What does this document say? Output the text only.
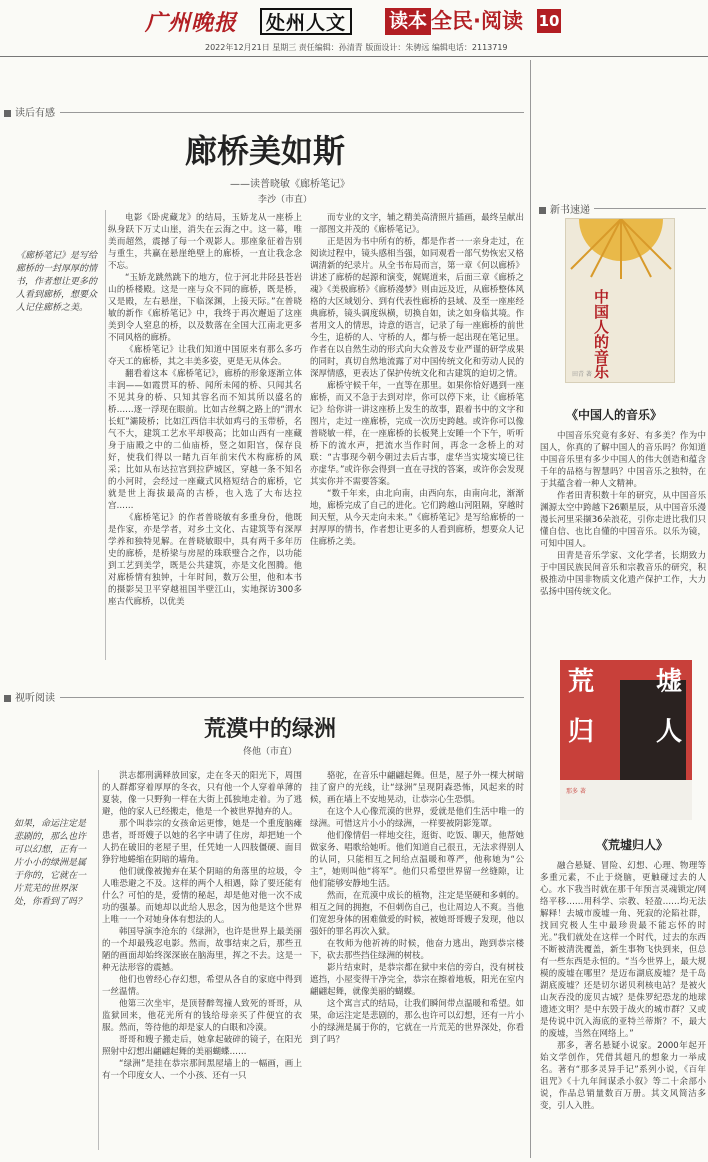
广州晚报	处州人文	读本 全民·阅读 10
2022年12月21日 星期三 责任编辑：孙清青 版面设计：朱骋远 编辑电话：2113719
读后有感
视听阅读
新书速递
廊桥美如斯
——读普晓敏《廊桥笔记》
李沙（市直）
《廊桥笔记》是写给廊桥的一封厚厚的情书，作者想让更多的人看到廊桥，想要众人记住廊桥之美。

电影《卧虎藏龙》的结局，玉娇龙从一座桥上纵身跃下万丈山崖，消失在云海之中。这一幕，唯美而超然，震撼了每一个观影人。那座象征着告别与重生，共赢在悬崖绝壁上的廊桥，一直让我念念不忘。

“玉娇龙跳然跳下的地方，位于河北井陉县苍岩山的桥楼殿。这是一座与众不同的廊桥，既是桥，又是殿，左右悬崖，下临深渊，上接天际。”在普晓敏的新作《廊桥笔记》中，我终于再次邂逅了这座美到令人窒息的桥，以及数落在全国大江南北更多不同风格的廊桥。

《廊桥笔记》让我们知道中国原来有那么多巧夺天工的廊桥，其之丰美多姿，更是无从体会。

翻看着这本《廊桥笔记》，廊桥的形象逐渐立体丰润——如霞贯耳的桥、闻所未闻的桥、只闻其名不见其身的桥、只知其容名而不知其所以盛名的桥……逐一浮现在眼前。比如古丝绸之路上的“渭水长虹”灞陵桥；比如江西信丰状如鸡弓的玉带桥，名气不大，建筑工艺水平却极高；比如山西有一座藏身于庙殿之中的二仙庙桥，竖之如阳宫，保存良好，使我们得以一睹九百年前宋代木构廊桥的风采；比如从布达拉宫到拉萨城区，穿越一条不知名的小河时，会经过一座藏式风格短结合的廊桥，它就是世上海拔最高的古桥，也入选了大布达拉宫……

《廊桥笔记》的作者普晓敏有多重身份，他既是作家，亦是学者，对乡土文化、古建筑等有深厚学养和独特见解。在普晓敏眼中，具有两千多年历史的廊桥，是桥梁与房屋的珠联璧合之作，以功能到工艺到美学，既是公共建筑，亦是文化图腾。他对廊桥情有独钟，十年时间，数万公里，他和本书的摄影吴卫平穿越祖国半壁江山，实地探访300多座古代廊桥，以优美

而专业的文字，辅之精美高清照片插画，最终呈献出一部图文并茂的《廊桥笔记》。

正是因为书中所有的桥，都是作者一一亲身走过，在阅读过程中，镜头感相当强，如同观看一部气势恢宏又格调清新的纪录片。从全书布局而言，第一章《何以廊桥》讲述了廊桥的起源和演变，娓娓道来，后面三章《廊桥之魂》《美极廊桥》《廊桥漫梦》则由远及近，从廊桥整体风格的大区域划分、到有代表性廊桥的县域、及至一座座经典廊桥，镜头调度纵横，切换自如，读之如身临其境。作者用文人的情思，诗意的语言，记录了每一座廊桥的前世今生，追桥的人、守桥的人，都与桥一起出现在笔记里。作者在以自然生动的形式向大众普及专业严谨的研学成果的同时，真切自然地流露了对中国传统文化和劳动人民的深厚情感，更表达了保护传统文化和古建筑的迫切之情。

廊桥守候千年，一直等在那里。如果你恰好遇到一座廊桥，而又不急于去到对岸，你可以停下来，让《廊桥笔记》给你讲一讲这座桥上发生的故事，跟着书中的文字和图片，走过一座廊桥，完成一次历史跨越。或许你可以像普晓敏一样，在一座廊桥的长板凳上安睡一个下午，听听桥下的流水声，把流水当作时间，再念一念桥上的对联：“古事现今朝今朝过去后古事，虚华当实境实境已往亦虚华。”或许你会得到一直在寻找的答案，或许你会发现其实你并不需要答案。

“数千年来，由北向南，由西向东，由南向北，渐渐地，廊桥完成了自己的进化。它们跨越山河阻隔，穿越时间天堑，从今天走向未来。”《廊桥笔记》是写给廊桥的一封厚厚的情书，作者想让更多的人看到廊桥，想要众人记住廊桥之美。

荒漠中的绿洲
佟他（市直）
如果，命运注定是悲剧的，那么也许可以幻想，正有一片小小的绿洲是属于你的，它就在一片荒芜的世界深处，你看到了吗？

洪志都刑满释放回家，走在冬天的阳光下，周围的人群都穿着厚厚的冬衣，只有他一个人穿着单薄的夏装，像一只野狗一样在大街上孤独地走着。为了逃避，他的家人已经搬走，他是一个被世界抛弃的人。

那个叫恭宗的女孩命运更惨，她是一个重度脑瘫患者，哥哥嫂子以她的名字申请了住房，却把她一个人扔在破旧的老屋子里，任凭她一人四肢僵硬、面目狰狞地蜷缩在阴暗的墙角。

他们就像被抛弃在某个阴暗的角落里的垃圾，令人唯恐避之不及。这样的两个人相遇，除了要还能有什么？可怕的是，爱情的秘起，却是他对他一次不成功的强暴。而她却以此给人思念，因为他是这个世界上唯一一个对她身体有想法的人。

韩国导演李沧东的《绿洲》，也许是世界上最美丽的一个却最残忍电影。然而，故事结束之后，那些丑陋的画面却始终深深嵌在脑海里，挥之不去。这是一种无法形容的震撼。

他们也曾经心存幻想，希望从各自的家庭中得到一丝温情。

他第三次坐牢，是顶替醉驾撞人致死的哥哥，从监狱回来，他花光所有的钱给母亲买了件便宜的衣服。然而，等待他的却是家人的白眼和冷漠。

哥哥和嫂子搬走后，她拿起破碎的镜子，在阳光照射中幻想出翩翩起舞的美丽蝴蝶……

“绿洲”是挂在恭宗那间黑屋墙上的一幅画，画上有一个印度女人、一个小孩、还有一只

骆驼，在音乐中翩翩起舞。但是，屋子外一棵大树暗挂了窗户的光线，让“绿洲”呈现阴森恐怖，风起来的时候，画在墙上不安地晃动，让恭宗心生恐惧。

在这个人心像荒漠的世界，爱就是他们生活中唯一的绿洲。可惜这片小小的绿洲，一样要被阴影笼罩。

他们像情侣一样地交往，逛街、吃饭、聊天，他帮她做家务、唱歌给她听。他们知道自己很丑，无法求得别人的认同，只能相互之间给点温暖和尊严，他称她为“公主”，她则叫他“将军”。他们只希望世界留一丝缝隙，让他们能够安静地生活。

然而，在荒漠中成长的植物，注定是坚硬和多刺的。相互之间的拥抱，不但刺伤自己，也让周边人不爽。当他们宽恕身体的困难做爱的时候，被她哥哥嫂子发现，他以强奸的罪名再次入狱。

在牧师为他祈祷的时候，他奋力逃出，跑到恭宗楼下，砍去那些挡住绿洲的树枝。

影片结束时，是恭宗都在狱中来信的旁白，没有树枝遮挡，小屋变得干净完全，恭宗在擦着地板，阳光在室内翩翩起舞，就像美丽的蝴蝶。

这个寓言式的结局，让我们瞬间带点温暖和希望。如果，命运注定是悲剧的，那么也许可以幻想，还有一片小小的绿洲是属于你的，它就在一片荒芜的世界深处，你看到了吗？

中国人的音乐
田青 著
《中国人的音乐》

中国音乐究竟有多好、有多美？作为中国人，你真的了解中国人的音乐吗？你知道中国音乐里有多少中国人的伟大创造和蕴含千年的品格与智慧吗？中国音乐之独特，在于其蕴含着一种人文精神。

作者田青积数十年的研究，从中国音乐渊源太空中跨越下26颗星辰，从中国音乐漫漫长河里采撷36朵浪花，引你走进比我们只懂自信、也比自懂的中国音乐。以乐为镜，可知中国人。

田青是音乐学家、文化学者，长期致力于中国民族民间音乐和宗教音乐的研究，积极推动中国非物质文化遗产保护工作，大力弘扬中国传统文化。

荒 墟
归 人
那多 著
《荒墟归人》

融合悬疑、冒险、幻想、心理、物理等多重元素，不止于烧脑，更触碰过去的人心。水下我当时就在那千年预言灵魂锁定/网络平移……用科学、宗教、轻盈……均无法解释！去城市废墟一角、死寂的沦陷社群，找回究极人生中最珍贵最不能忘怀的时光。”我们就处在这样一个时代，过去的东西不断被清洗覆盖，新生事物飞快到来，但总有一些东西是永恒的。“当今世界上，最大规模的废墟在哪里？是迈布湖底废墟？是千岛湖底废墟？还是切尔诺贝利核电站？是被火山灰吞没的庞贝古城？是侏罗纪恐龙的地球遗迹文明？是中东毁于战火的城市群？又或是传说中沉入海底的亚特兰蒂斯？不，最大的废墟，当然在网络上。”

那多，著名悬疑小说家。2000年起开始文学创作，凭借其超凡的想象力一举成名。著有“那多灵异手记”系列小说，《百年诅咒》《十九年间谋杀小叙》等二十余部小说，作品总销量数百万册。其文风简洁多变，引人入胜。
